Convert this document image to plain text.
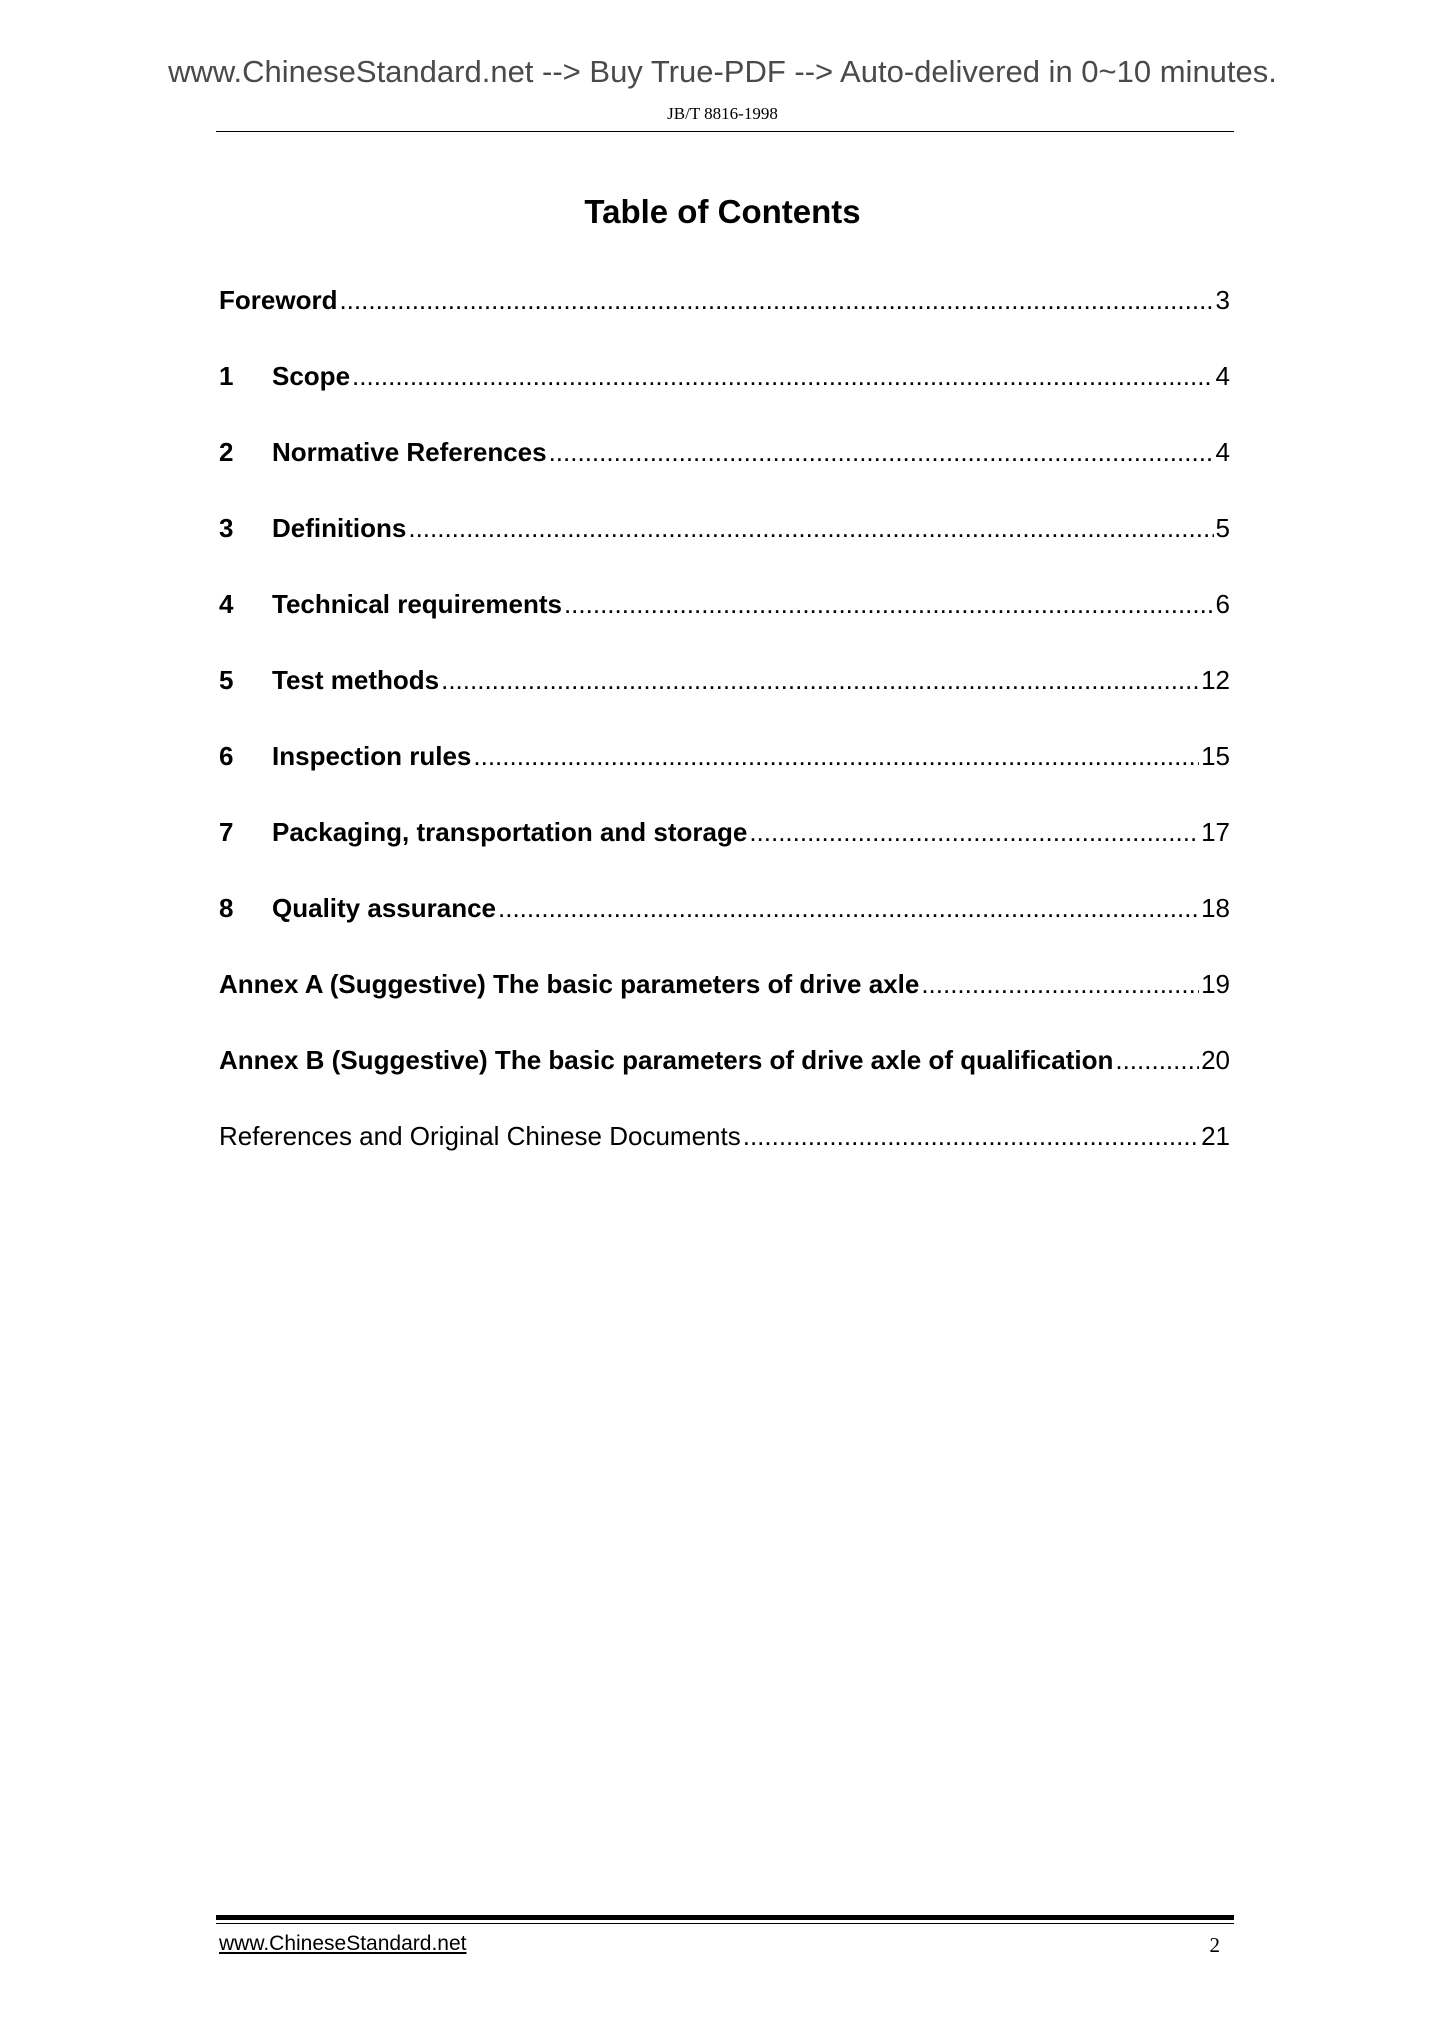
www.ChineseStandard.net --> Buy True-PDF --> Auto-delivered in 0~10 minutes.
JB/T 8816-1998
Table of Contents
Foreword .....	3
1	Scope .....	4
2	Normative References .....	4
3	Definitions .....	5
4	Technical requirements .....	6
5	Test methods .....	12
6	Inspection rules .....	15
7	Packaging, transportation and storage .....	17
8	Quality assurance .....	18
Annex A (Suggestive) The basic parameters of drive axle .....	19
Annex B (Suggestive) The basic parameters of drive axle of qualification .....	20
References and Original Chinese Documents .....	21
www.ChineseStandard.net	2
